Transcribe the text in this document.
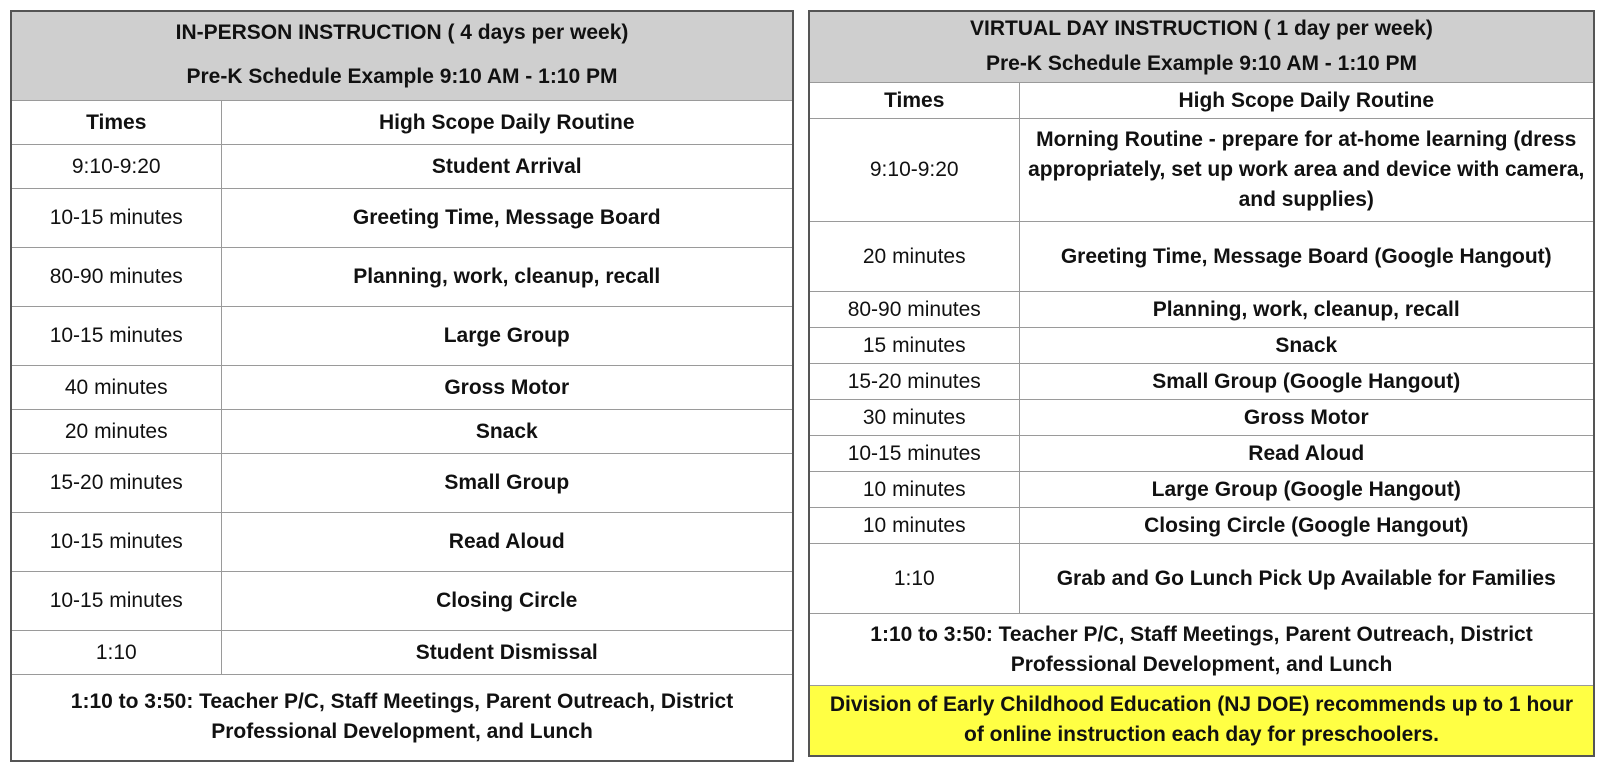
IN-PERSON INSTRUCTION ( 4 days per week)	
Pre-K Schedule Example 9:10 AM - 1:10 PM	
Times	High Scope Daily Routine
9:10-9:20	Student Arrival
10-15 minutes	Greeting Time, Message Board
80-90 minutes	Planning, work, cleanup, recall
10-15 minutes	Large Group
40 minutes	Gross Motor
20 minutes	Snack
15-20 minutes	Small Group
10-15 minutes	Read Aloud
10-15 minutes	Closing Circle
1:10	Student Dismissal
1:10 to 3:50: Teacher P/C, Staff Meetings, Parent Outreach, District Professional Development, and Lunch	
VIRTUAL DAY INSTRUCTION ( 1 day per week)	
Pre-K Schedule Example 9:10 AM - 1:10 PM	
Times	High Scope Daily Routine
9:10-9:20	Morning Routine - prepare for at-home learning (dress appropriately, set up work area and device with camera, and supplies)
20 minutes	Greeting Time, Message Board (Google Hangout)
80-90 minutes	Planning, work, cleanup, recall
15 minutes	Snack
15-20 minutes	Small Group (Google Hangout)
30 minutes	Gross Motor
10-15 minutes	Read Aloud
10 minutes	Large Group (Google Hangout)
10 minutes	Closing Circle (Google Hangout)
1:10	Grab and Go Lunch Pick Up Available for Families
1:10 to 3:50: Teacher P/C, Staff Meetings, Parent Outreach, District Professional Development, and Lunch	
Division of Early Childhood Education (NJ DOE) recommends up to 1 hour of online instruction each day for preschoolers.	
